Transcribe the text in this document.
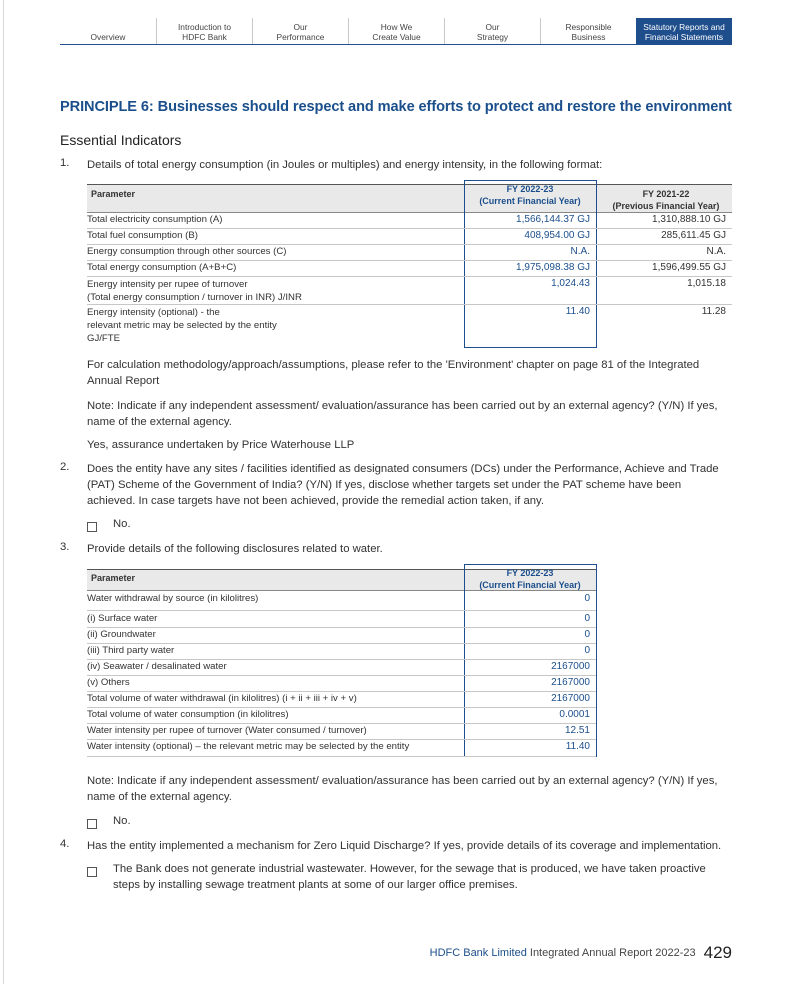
Overview
Introduction to
HDFC Bank
Our
Performance
How We
Create Value
Our
Strategy
Responsible
Business
Statutory Reports and
Financial Statements
PRINCIPLE 6: Businesses should respect and make efforts to protect and restore the environment
Essential Indicators
1. Details of total energy consumption (in Joules or multiples) and energy intensity, in the following format:
Parameter	FY 2022-23
(Current Financial Year)
FY 2021-22
(Previous Financial Year)
Total electricity consumption (A)	1,566,144.37 GJ	1,310,888.10 GJ
Total fuel consumption (B)	408,954.00 GJ	285,611.45 GJ
Energy consumption through other sources (C)	N.A.	N.A.
Total energy consumption (A+B+C)	1,975,098.38 GJ	1,596,499.55 GJ
Energy intensity per rupee of turnover
(Total energy consumption / turnover in INR) J/INR
1,024.43	1,015.18
Energy intensity (optional) - the
relevant metric may be selected by the entity
GJ/FTE
11.40	11.28
For calculation methodology/approach/assumptions, please refer to the 'Environment' chapter on page 81 of the Integrated Annual Report
Note: Indicate if any independent assessment/ evaluation/assurance has been carried out by an external agency? (Y/N) If yes, name of the external agency.
Yes, assurance undertaken by Price Waterhouse LLP
2. Does the entity have any sites / facilities identified as designated consumers (DCs) under the Performance, Achieve and Trade (PAT) Scheme of the Government of India? (Y/N) If yes, disclose whether targets set under the PAT scheme have been achieved. In case targets have not been achieved, provide the remedial action taken, if any.
No.
3. Provide details of the following disclosures related to water.
Parameter	FY 2022-23
(Current Financial Year)
Water withdrawal by source (in kilolitres)	0
(i) Surface water	0
(ii) Groundwater	0
(iii) Third party water	0
(iv) Seawater / desalinated water	2167000
(v) Others	2167000
Total volume of water withdrawal (in kilolitres) (i + ii + iii + iv + v)	2167000
Total volume of water consumption (in kilolitres)	0.0001
Water intensity per rupee of turnover (Water consumed / turnover)	12.51
Water intensity (optional) – the relevant metric may be selected by the entity	11.40
Note: Indicate if any independent assessment/ evaluation/assurance has been carried out by an external agency? (Y/N) If yes, name of the external agency.
No.
4. Has the entity implemented a mechanism for Zero Liquid Discharge? If yes, provide details of its coverage and implementation.
The Bank does not generate industrial wastewater. However, for the sewage that is produced, we have taken proactive steps by installing sewage treatment plants at some of our larger office premises.
HDFC Bank Limited Integrated Annual Report 2022-23 429
